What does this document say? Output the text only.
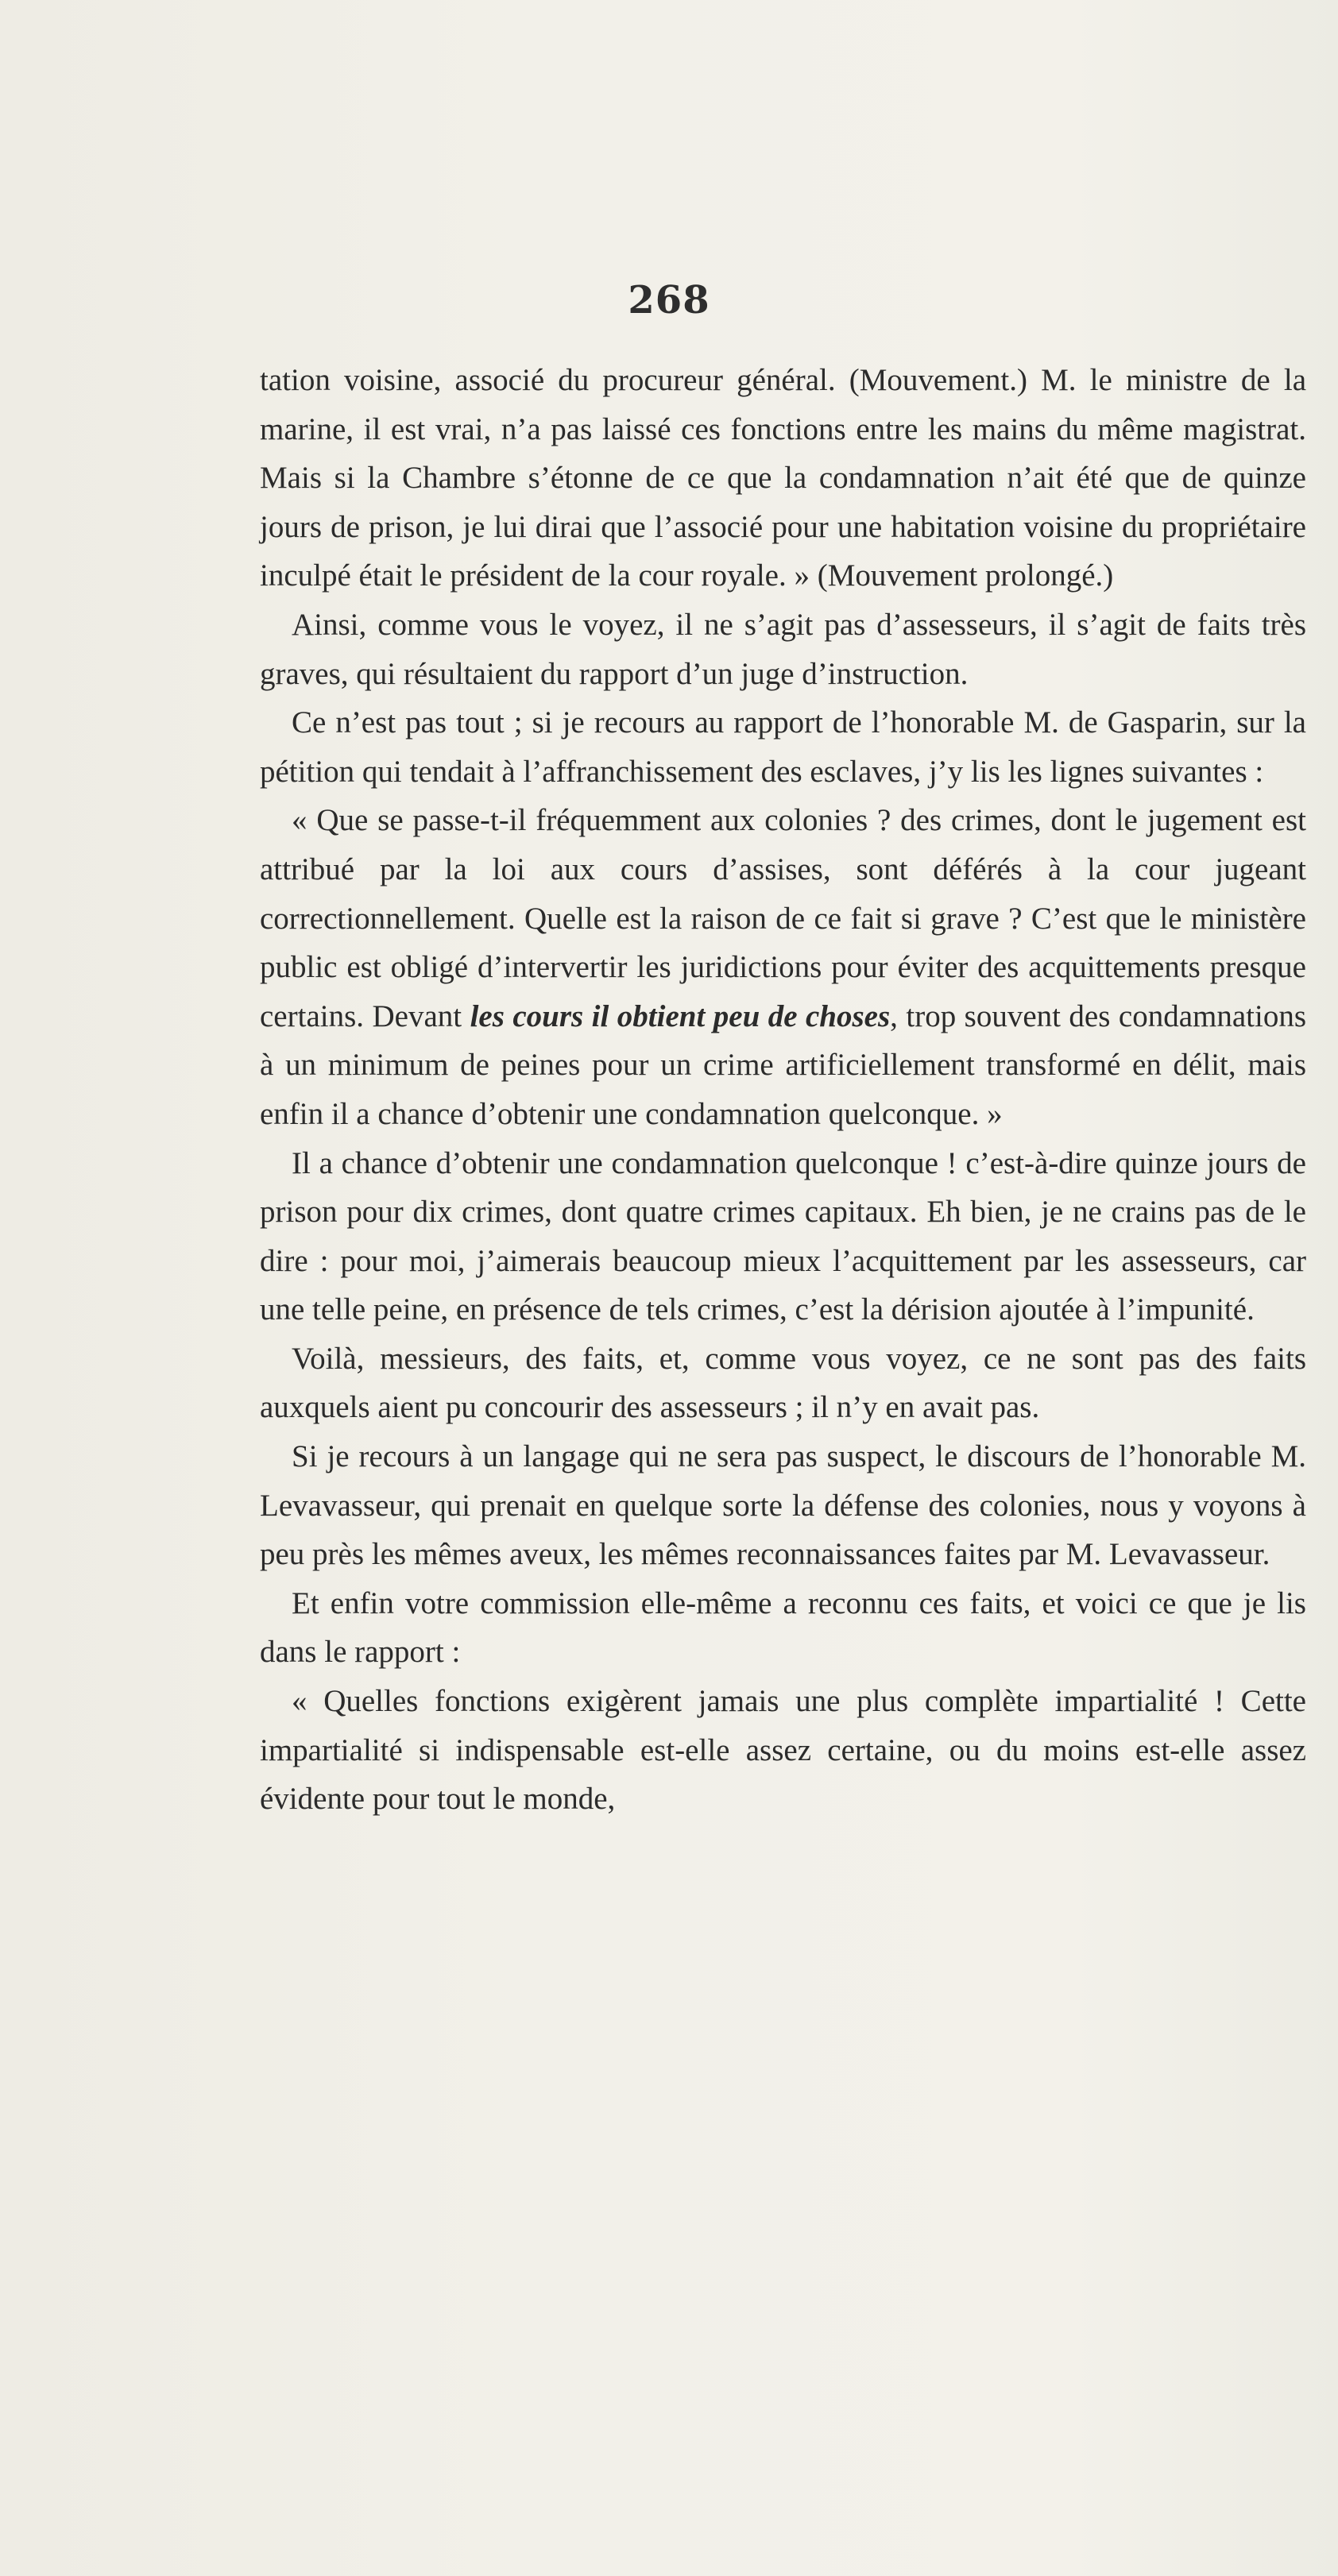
268

tation voisine, associé du procureur général. (Mouvement.) M. le ministre de la marine, il est vrai, n’a pas laissé ces fonctions entre les mains du même magistrat. Mais si la Chambre s’étonne de ce que la condamnation n’ait été que de quinze jours de prison, je lui dirai que l’associé pour une habitation voisine du propriétaire inculpé était le président de la cour royale. » (Mouvement prolongé.)

Ainsi, comme vous le voyez, il ne s’agit pas d’assesseurs, il s’agit de faits très graves, qui résultaient du rapport d’un juge d’instruction.

Ce n’est pas tout ; si je recours au rapport de l’honorable M. de Gasparin, sur la pétition qui tendait à l’affranchissement des esclaves, j’y lis les lignes suivantes :

« Que se passe-t-il fréquemment aux colonies ? des crimes, dont le jugement est attribué par la loi aux cours d’assises, sont déférés à la cour jugeant correctionnellement. Quelle est la raison de ce fait si grave ? C’est que le ministère public est obligé d’intervertir les juridictions pour éviter des acquittements presque certains. Devant les cours il obtient peu de choses, trop souvent des condamnations à un minimum de peines pour un crime artificiellement transformé en délit, mais enfin il a chance d’obtenir une condamnation quelconque. »

Il a chance d’obtenir une condamnation quelconque ! c’est-à-dire quinze jours de prison pour dix crimes, dont quatre crimes capitaux. Eh bien, je ne crains pas de le dire : pour moi, j’aimerais beaucoup mieux l’acquittement par les assesseurs, car une telle peine, en présence de tels crimes, c’est la dérision ajoutée à l’impunité.

Voilà, messieurs, des faits, et, comme vous voyez, ce ne sont pas des faits auxquels aient pu concourir des assesseurs ; il n’y en avait pas.

Si je recours à un langage qui ne sera pas suspect, le discours de l’honorable M. Levavasseur, qui prenait en quelque sorte la défense des colonies, nous y voyons à peu près les mêmes aveux, les mêmes reconnaissances faites par M. Levavasseur.

Et enfin votre commission elle-même a reconnu ces faits, et voici ce que je lis dans le rapport :

« Quelles fonctions exigèrent jamais une plus complète impartialité ! Cette impartialité si indispensable est-elle assez certaine, ou du moins est-elle assez évidente pour tout le monde,
